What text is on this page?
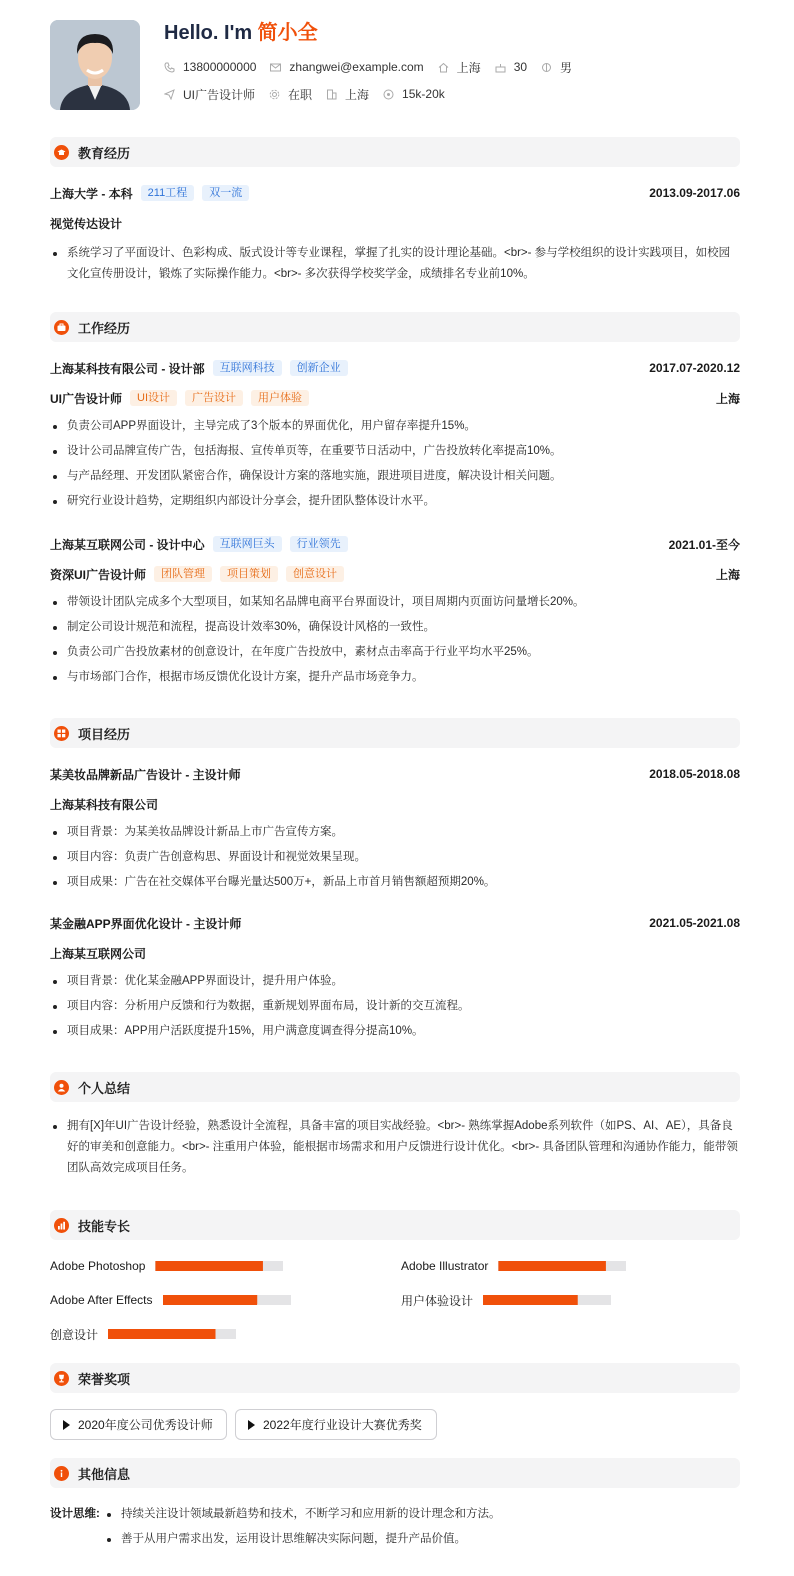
Hello. I'm 简小全
13800000000	zhangwei@example.com	上海	30	男
UI广告设计师	在职	上海	15k-20k
教育经历
上海大学 - 本科	211工程	双一流	2013.09-2017.06
视觉传达设计
系统学习了平面设计、色彩构成、版式设计等专业课程，掌握了扎实的设计理论基础。<br>- 参与学校组织的设计实践项目，如校园文化宣传册设计，锻炼了实际操作能力。<br>- 多次获得学校奖学金，成绩排名专业前10%。
工作经历
上海某科技有限公司 - 设计部	互联网科技	创新企业	2017.07-2020.12
UI广告设计师	UI设计	广告设计	用户体验	上海
负责公司APP界面设计，主导完成了3个版本的界面优化，用户留存率提升15%。
设计公司品牌宣传广告，包括海报、宣传单页等，在重要节日活动中，广告投放转化率提高10%。
与产品经理、开发团队紧密合作，确保设计方案的落地实施，跟进项目进度，解决设计相关问题。
研究行业设计趋势，定期组织内部设计分享会，提升团队整体设计水平。
上海某互联网公司 - 设计中心	互联网巨头	行业领先	2021.01-至今
资深UI广告设计师	团队管理	项目策划	创意设计	上海
带领设计团队完成多个大型项目，如某知名品牌电商平台界面设计，项目周期内页面访问量增长20%。
制定公司设计规范和流程，提高设计效率30%，确保设计风格的一致性。
负责公司广告投放素材的创意设计，在年度广告投放中，素材点击率高于行业平均水平25%。
与市场部门合作，根据市场反馈优化设计方案，提升产品市场竞争力。
项目经历
某美妆品牌新品广告设计 - 主设计师	2018.05-2018.08
上海某科技有限公司
项目背景：为某美妆品牌设计新品上市广告宣传方案。
项目内容：负责广告创意构思、界面设计和视觉效果呈现。
项目成果：广告在社交媒体平台曝光量达500万+，新品上市首月销售额超预期20%。
某金融APP界面优化设计 - 主设计师	2021.05-2021.08
上海某互联网公司
项目背景：优化某金融APP界面设计，提升用户体验。
项目内容：分析用户反馈和行为数据，重新规划界面布局，设计新的交互流程。
项目成果：APP用户活跃度提升15%，用户满意度调查得分提高10%。
个人总结
拥有[X]年UI广告设计经验，熟悉设计全流程，具备丰富的项目实战经验。<br>- 熟练掌握Adobe系列软件（如PS、AI、AE），具备良好的审美和创意能力。<br>- 注重用户体验，能根据市场需求和用户反馈进行设计优化。<br>- 具备团队管理和沟通协作能力，能带领团队高效完成项目任务。
技能专长
Adobe Photoshop	Adobe Illustrator
Adobe After Effects	用户体验设计
创意设计
荣誉奖项
2020年度公司优秀设计师	2022年度行业设计大赛优秀奖
其他信息
设计思维:	持续关注设计领域最新趋势和技术，不断学习和应用新的设计理念和方法。
善于从用户需求出发，运用设计思维解决实际问题，提升产品价值。
